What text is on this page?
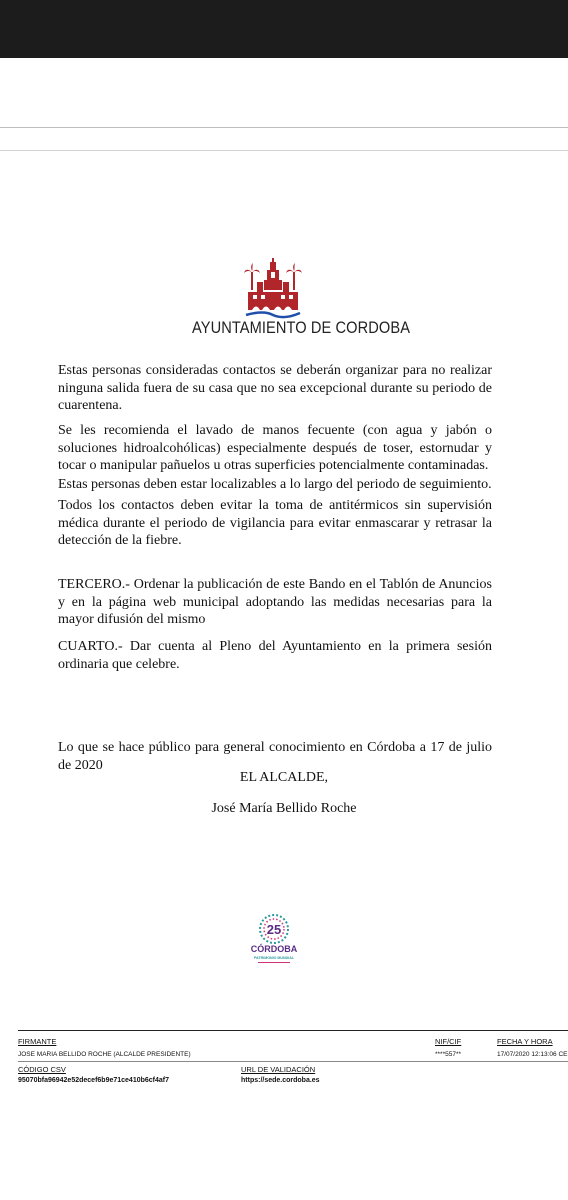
AYUNTAMIENTO DE CORDOBA

Estas personas consideradas contactos se deberán organizar para no realizar ninguna salida fuera de su casa que no sea excepcional durante su periodo de cuarentena.

Se les recomienda el lavado de manos fecuente (con agua y jabón o soluciones hidroalcohólicas) especialmente después de toser, estornudar y tocar o manipular pañuelos u otras superficies potencialmente contaminadas.

Estas personas deben estar localizables a lo largo del periodo de seguimiento.

Todos los contactos deben evitar la toma de antitérmicos sin supervisión médica durante el periodo de vigilancia para evitar enmascarar y retrasar la detección de la fiebre.

TERCERO.- Ordenar la publicación de este Bando en el Tablón de Anuncios y en la página web municipal adoptando las medidas necesarias para la mayor difusión del mismo

CUARTO.- Dar cuenta al Pleno del Ayuntamiento en la primera sesión ordinaria que celebre.

Lo que se hace público para general conocimiento en Córdoba a 17 de julio de 2020

EL ALCALDE,

José María Bellido Roche

25
CÓRDOBA
PATRIMONIO MUNDIAL
FIRMANTE	NIF/CIF	FECHA Y HORA
JOSE MARIA BELLIDO ROCHE (ALCALDE PRESIDENTE)	****557**	17/07/2020 12:13:06 CE
CÓDIGO CSV	URL DE VALIDACIÓN
95070bfa96942e52decef6b9e71ce410b6cf4af7	https://sede.cordoba.es
